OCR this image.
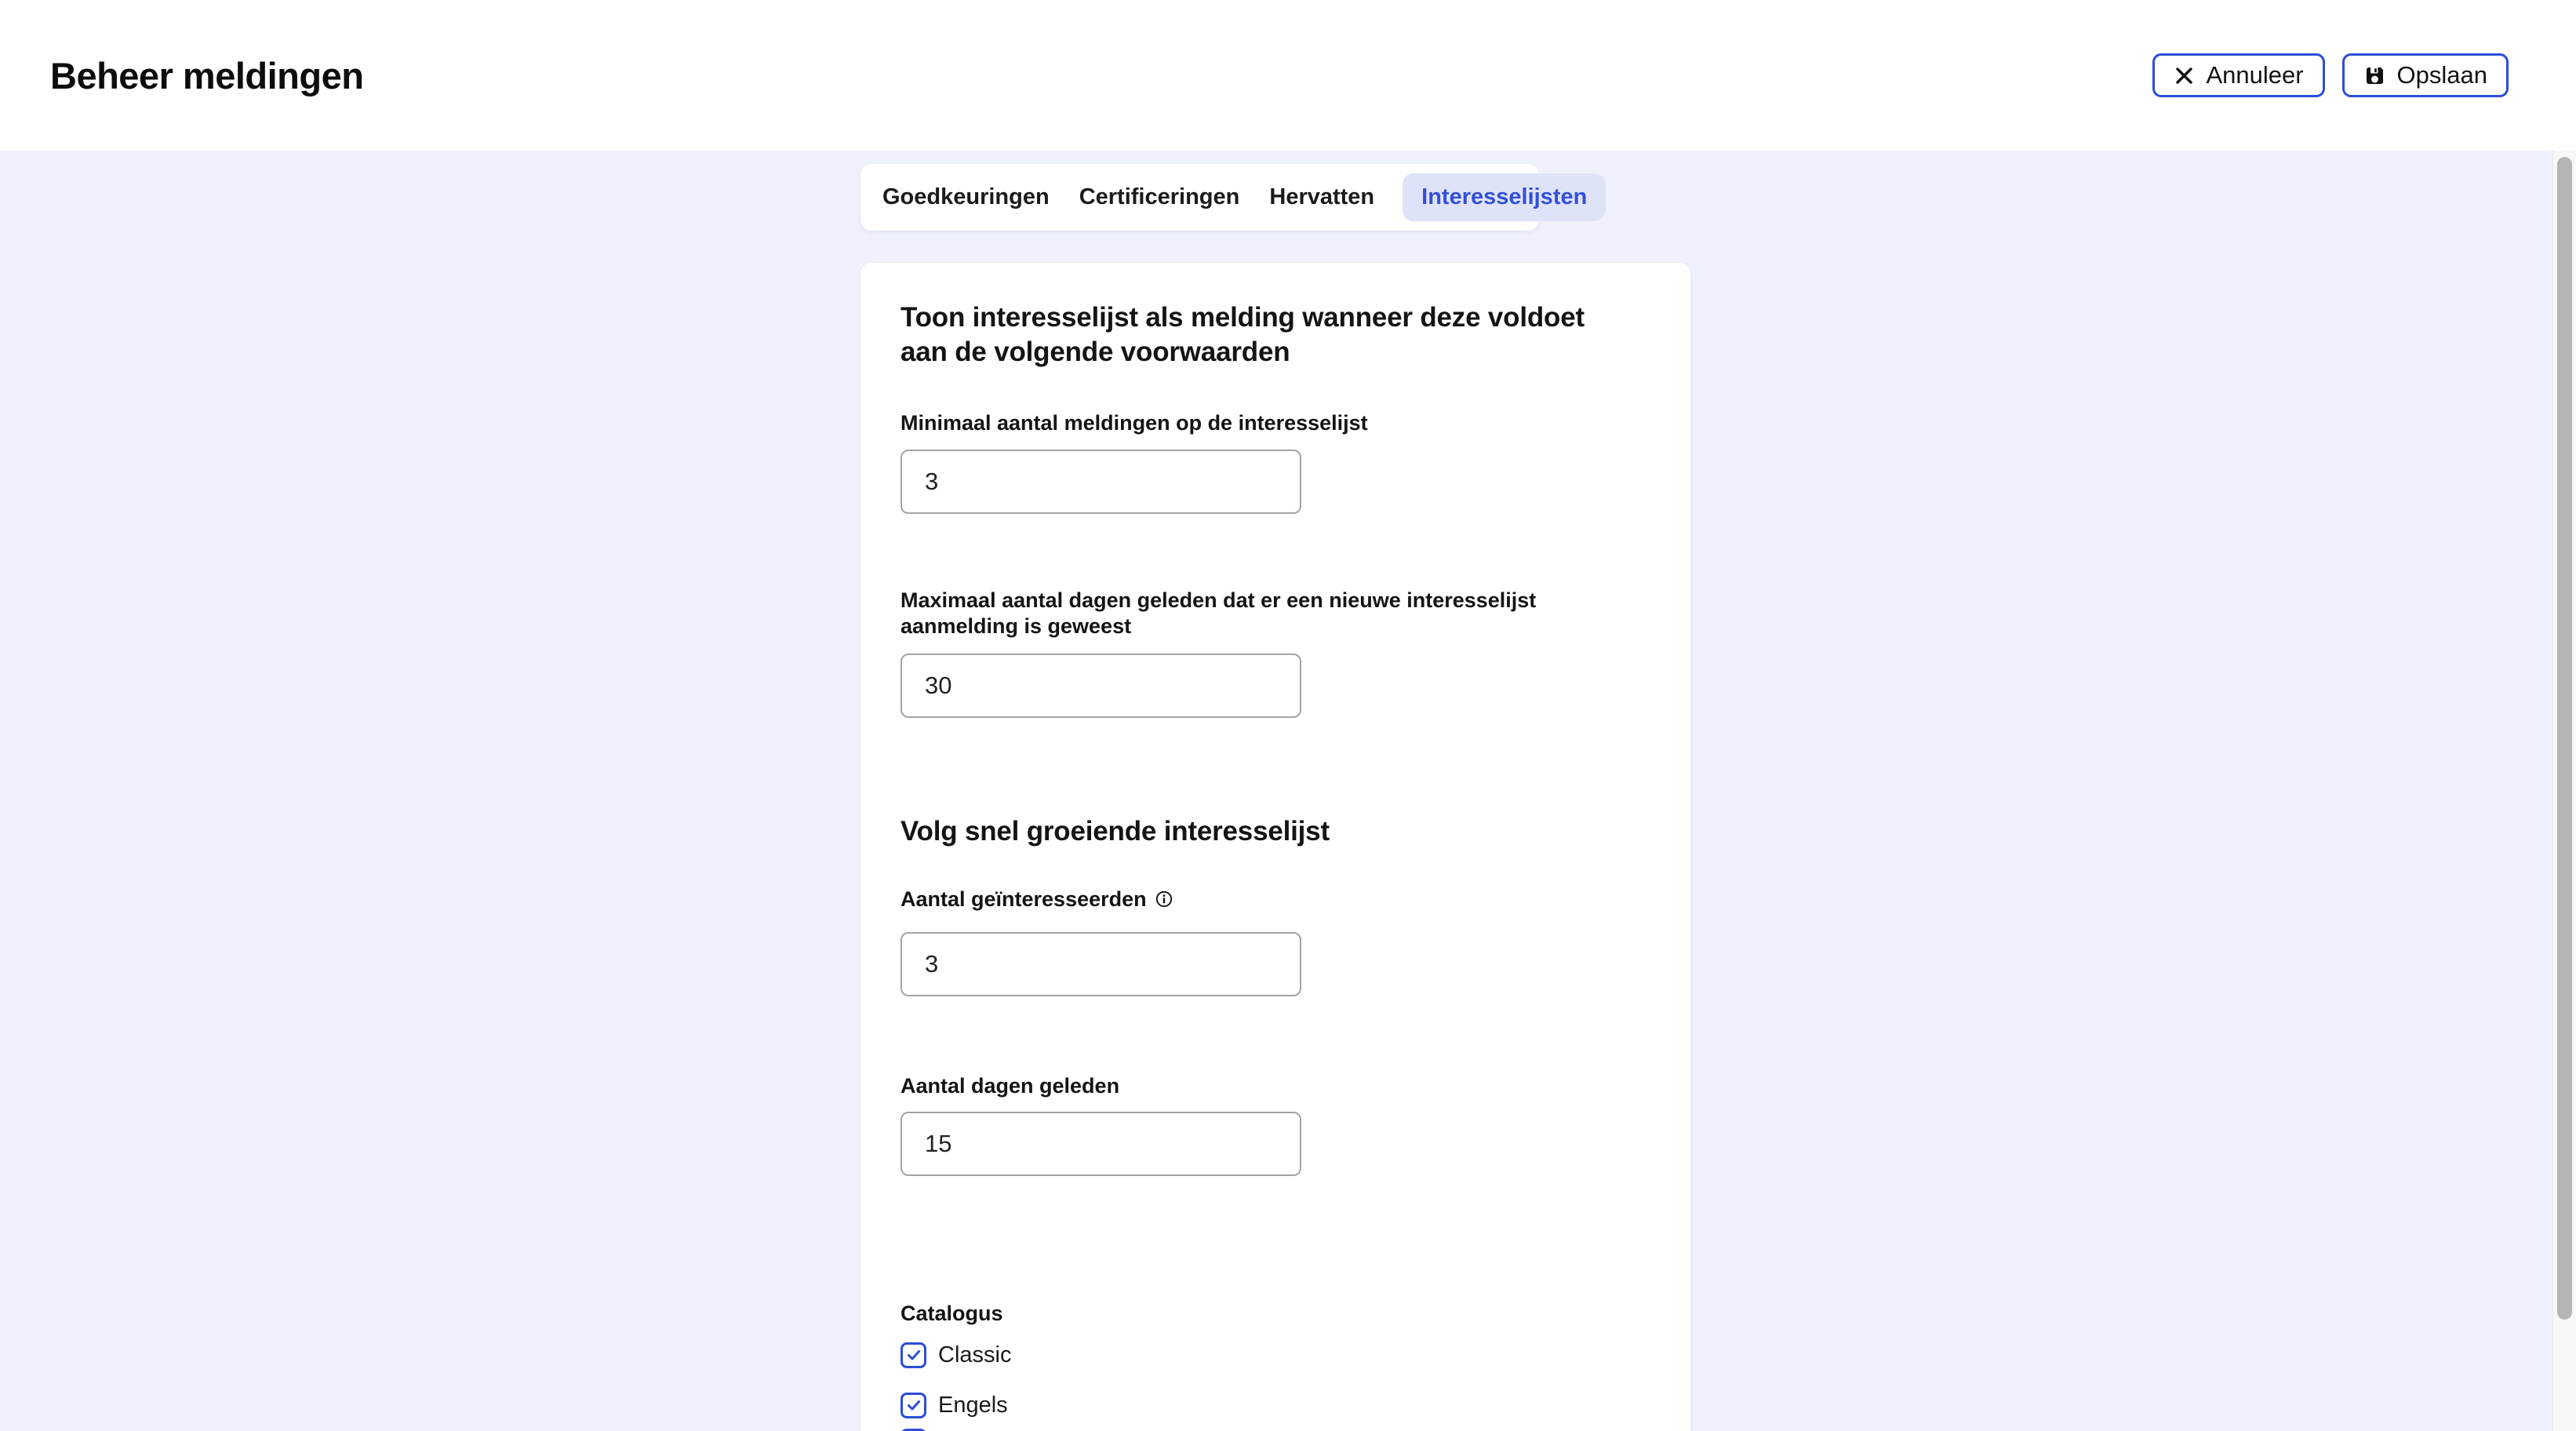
Beheer meldingen	Annuleer	Opslaan
Goedkeuringen Certificeringen Hervatten	Interesselijsten
Toon interesselijst als melding wanneer deze voldoet aan de volgende voorwaarden
Minimaal aantal meldingen op de interesselijst
3
Maximaal aantal dagen geleden dat er een nieuwe interesselijst aanmelding is geweest
30
Volg snel groeiende interesselijst
Aantal geïnteresseerden
3
Aantal dagen geleden
15
Catalogus
Classic
Engels
